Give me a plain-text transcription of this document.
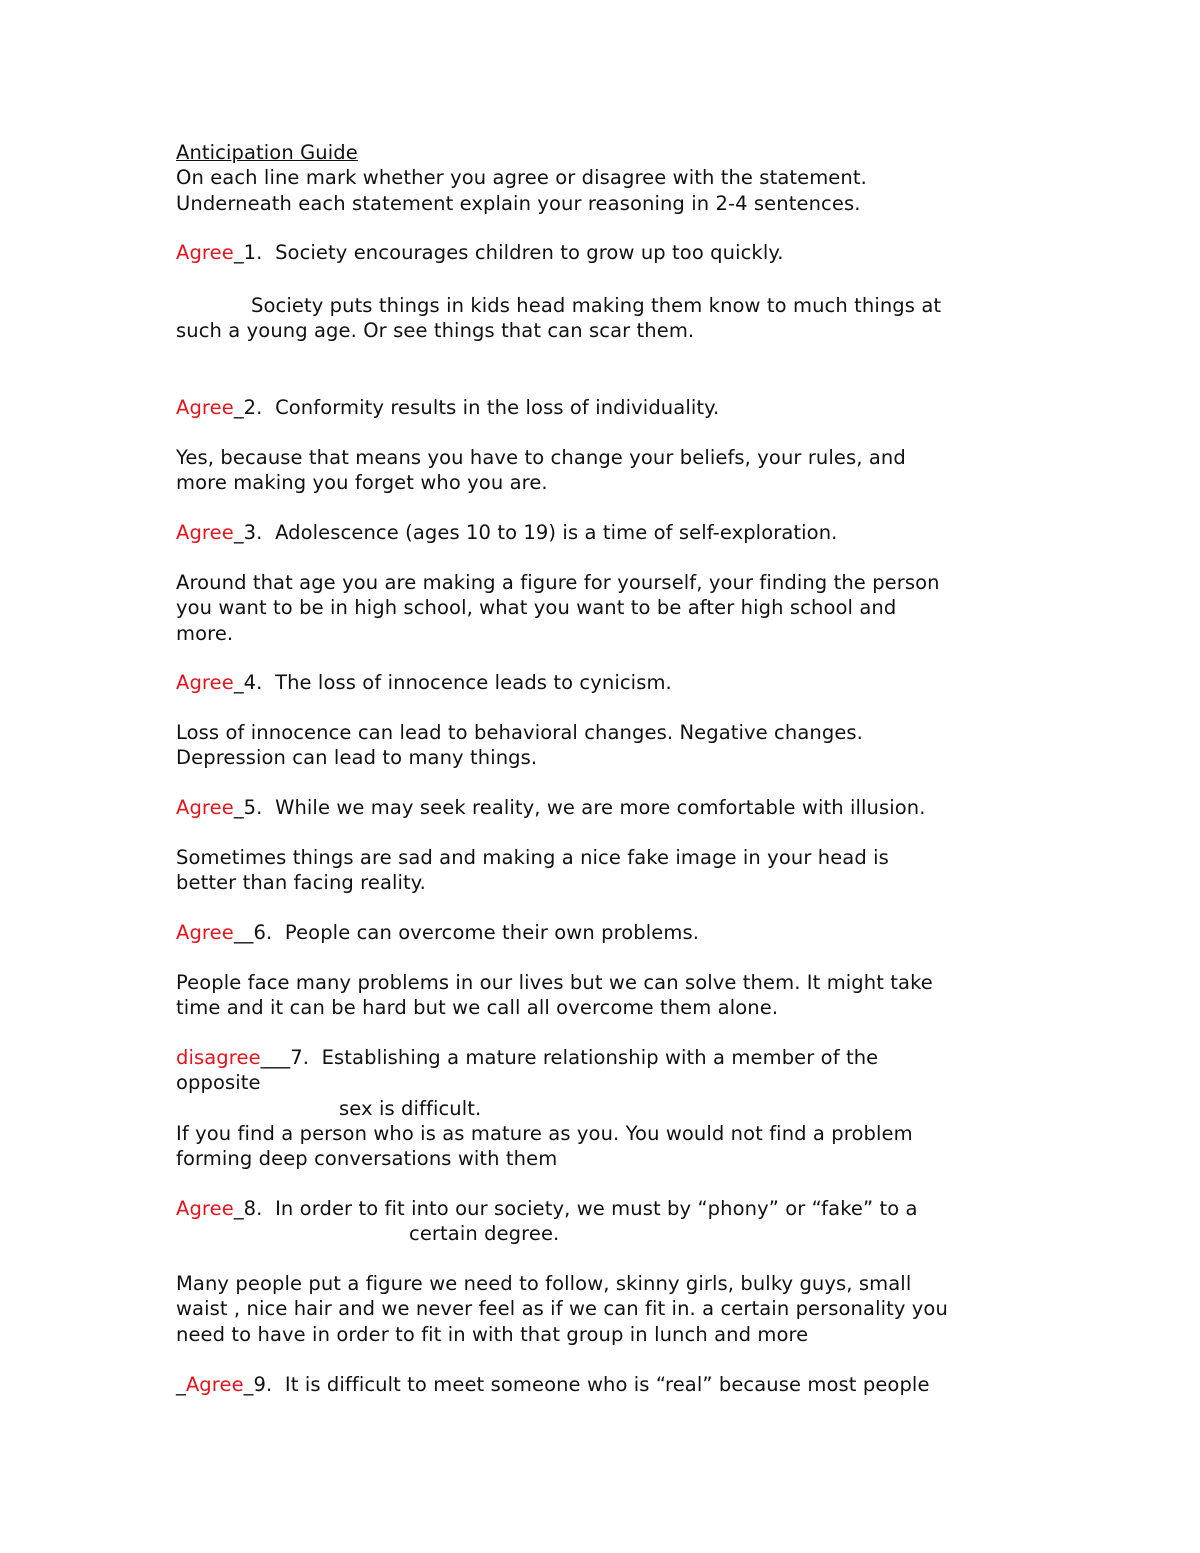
Anticipation Guide
On each line mark whether you agree or disagree with the statement.
Underneath each statement explain your reasoning in 2-4 sentences.
Agree_1.  Society encourages children to grow up too quickly.
Society puts things in kids head making them know to much things at
such a young age. Or see things that can scar them.
Agree_2.  Conformity results in the loss of individuality.
Yes, because that means you have to change your beliefs, your rules, and
more making you forget who you are.
Agree_3.  Adolescence (ages 10 to 19) is a time of self-exploration.
Around that age you are making a figure for yourself, your finding the person
you want to be in high school, what you want to be after high school and
more.
Agree_4.  The loss of innocence leads to cynicism.
Loss of innocence can lead to behavioral changes. Negative changes.
Depression can lead to many things.
Agree_5.  While we may seek reality, we are more comfortable with illusion.
Sometimes things are sad and making a nice fake image in your head is
better than facing reality.
Agree__6.  People can overcome their own problems.
People face many problems in our lives but we can solve them. It might take
time and it can be hard but we call all overcome them alone.
disagree___7.  Establishing a mature relationship with a member of the
opposite
sex is difficult.
If you find a person who is as mature as you. You would not find a problem
forming deep conversations with them
Agree_8.  In order to fit into our society, we must by “phony” or “fake” to a
certain degree.
Many people put a figure we need to follow, skinny girls, bulky guys, small
waist , nice hair and we never feel as if we can fit in. a certain personality you
need to have in order to fit in with that group in lunch and more
_Agree_9.  It is difficult to meet someone who is “real” because most people
